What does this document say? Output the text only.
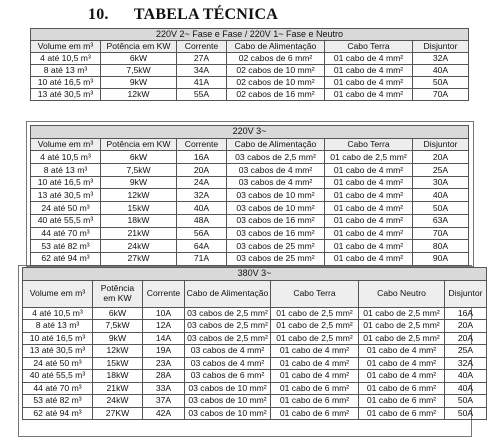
10. TABELA TÉCNICA
220V 2~ Fase e Fase / 220V 1~ Fase e Neutro					
Volume em m³	Potência em KW	Corrente	Cabo de Alimentação	Cabo Terra	Disjuntor
4 até 10,5 m³	6kW	27A	02 cabos de 6 mm²	01 cabo de 4 mm²	32A
8 até 13 m³	7,5kW	34A	02 cabos de 10 mm²	01 cabo de 4 mm²	40A
10 até 16,5 m³	9kW	41A	02 cabos de 10 mm²	01 cabo de 4 mm²	50A
13 até 30,5 m³	12kW	55A	02 cabos de 16 mm²	01 cabo de 4 mm²	70A
220V 3~					
Volume em m³	Potência em KW	Corrente	Cabo de Alimentação	Cabo Terra	Disjuntor
4 até 10,5 m³	6kW	16A	03 cabos de 2,5 mm²	01 cabo de 2,5 mm²	20A
8 até 13 m³	7,5kW	20A	03 cabos de 4 mm²	01 cabo de 4 mm²	25A
10 até 16,5 m³	9kW	24A	03 cabos de 4 mm²	01 cabo de 4 mm²	30A
13 até 30,5 m³	12kW	32A	03 cabos de 10 mm²	01 cabo de 4 mm²	40A
24 até 50 m³	15kW	40A	03 cabos de 10 mm²	01 cabo de 4 mm²	50A
40 até 55,5 m³	18kW	48A	03 cabos de 16 mm²	01 cabo de 4 mm²	63A
44 até 70 m³	21kW	56A	03 cabos de 16 mm²	01 cabo de 4 mm²	70A
53 até 82 m³	24kW	64A	03 cabos de 25 mm²	01 cabo de 4 mm²	80A
62 até 94 m³	27kW	71A	03 cabos de 25 mm²	01 cabo de 4 mm²	90A
380V 3~						
Volume em m³	Potência em KW	Corrente	Cabo de Alimentação	Cabo Terra	Cabo Neutro	Disjuntor
4 até 10,5 m³	6kW	10A	03 cabos de 2,5 mm²	01 cabo de 2,5 mm²	01 cabo de 2,5 mm²	16A
8 até 13 m³	7,5kW	12A	03 cabos de 2,5 mm²	01 cabo de 2,5 mm²	01 cabo de 2,5 mm²	20A
10 até 16,5 m³	9kW	14A	03 cabos de 2,5 mm²	01 cabo de 2,5 mm²	01 cabo de 2,5 mm²	20A
13 até 30,5 m³	12kW	19A	03 cabos de 4 mm²	01 cabo de 4 mm²	01 cabo de 4 mm²	25A
24 até 50 m³	15kW	23A	03 cabos de 4 mm²	01 cabo de 4 mm²	01 cabo de 4 mm²	32A
40 até 55,5 m³	18kW	28A	03 cabos de 6 mm²	01 cabo de 4 mm²	01 cabo de 4 mm²	40A
44 até 70 m³	21kW	33A	03 cabos de 10 mm²	01 cabo de 6 mm²	01 cabo de 6 mm²	40A
53 até 82 m³	24kW	37A	03 cabos de 10 mm²	01 cabo de 6 mm²	01 cabo de 6 mm²	50A
62 até 94 m³	27KW	42A	03 cabos de 10 mm²	01 cabo de 6 mm²	01 cabo de 6 mm²	50A
